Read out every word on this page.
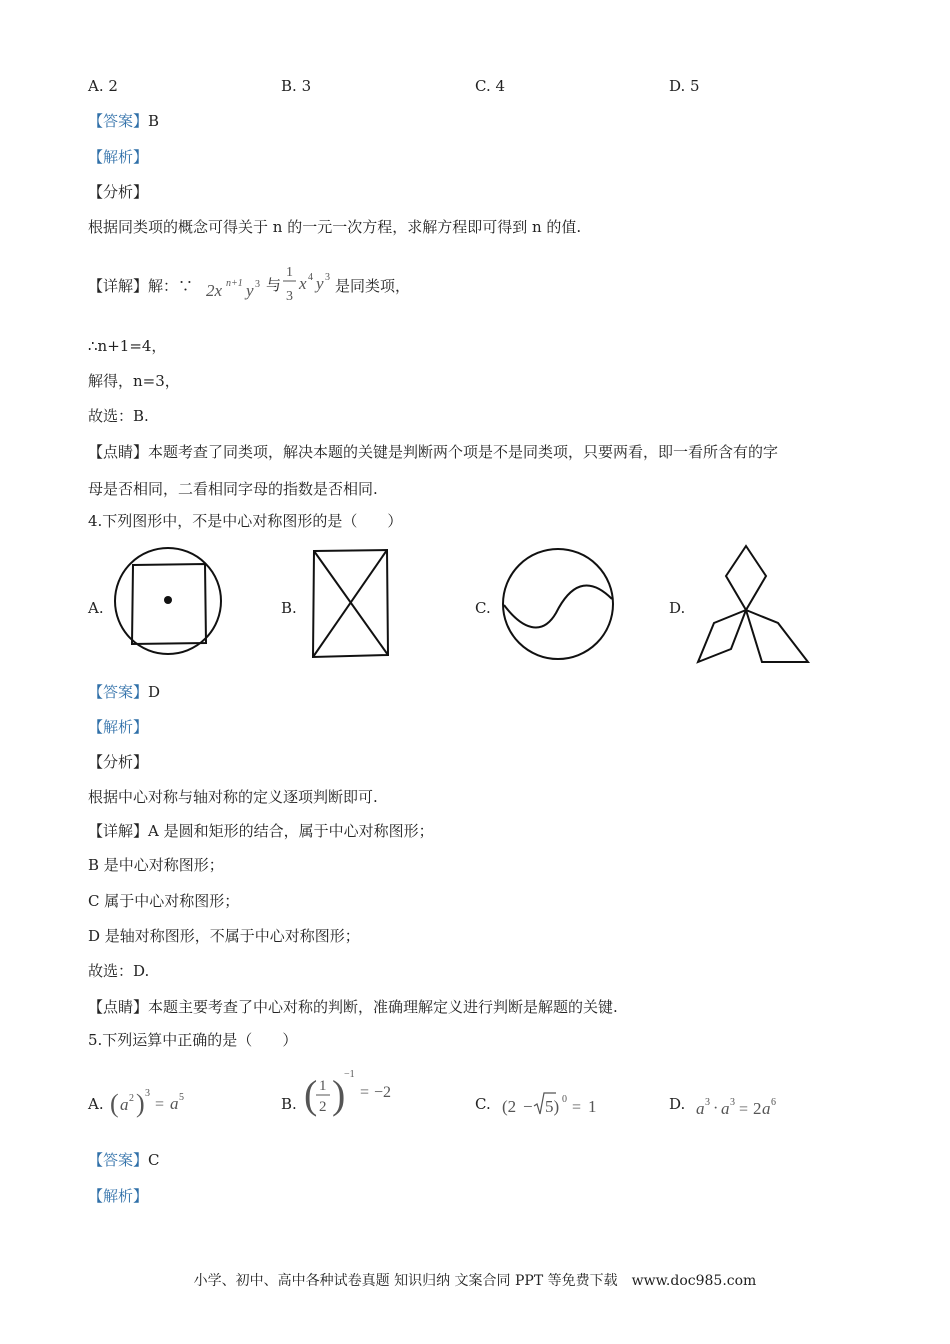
A. 2	B. 3	C. 4	D. 5
【答案】B
【解析】
【分析】
根据同类项的概念可得关于 n 的一元一次方程，求解方程即可得到 n 的值.
【详解】解：∵ 2x n+1 y 3 与
1
3
x 4 y 3 是同类项，
∴n+1=4，
解得，n=3，
故选：B.
【点睛】本题考查了同类项，解决本题的关键是判断两个项是不是同类项，只要两看，即一看所含有的字
母是否相同，二看相同字母的指数是否相同.
4.下列图形中，不是中心对称图形的是（　　）
A.	B.	C.	D.
【答案】D
【解析】
【分析】
根据中心对称与轴对称的定义逐项判断即可.
【详解】A 是圆和矩形的结合，属于中心对称图形；
B 是中心对称图形；
C 属于中心对称图形；
D 是轴对称图形，不属于中心对称图形；
故选：D.
【点睛】本题主要考查了中心对称的判断，准确理解定义进行判断是解题的关键.
5.下列运算中正确的是（　　）
A. ( a 2 ) 3
= a 5	B. ( 1
2 )
−1
= −2
C. (2 − 5) 0 = 1	D. a 3 · a 3 = 2 a 6
【答案】C
【解析】
小学、初中、高中各种试卷真题 知识归纳 文案合同 PPT 等免费下载　www.doc985.com
